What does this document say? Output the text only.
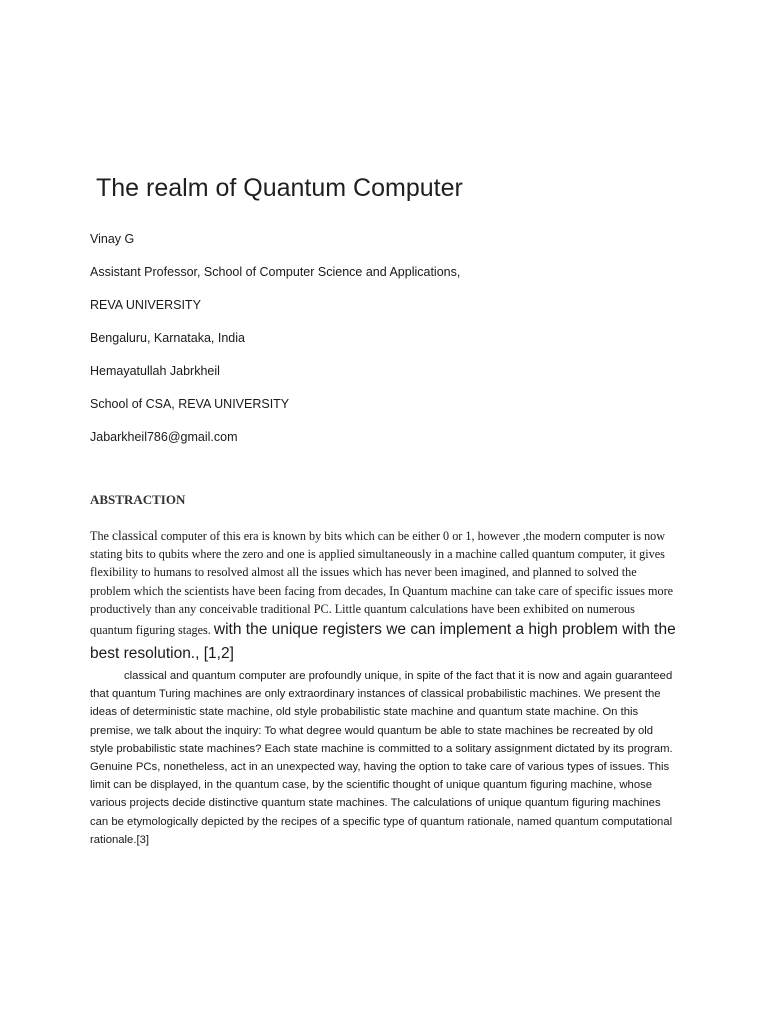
The realm of Quantum Computer

Vinay G

Assistant Professor, School of Computer Science and Applications,

REVA UNIVERSITY

Bengaluru, Karnataka, India

Hemayatullah Jabrkheil

School of CSA, REVA UNIVERSITY

Jabarkheil786@gmail.com

ABSTRACTION

The classical computer of this era is known by bits which can be either 0 or 1, however ,the modern computer is now stating bits to qubits where the zero and one is applied simultaneously in a machine called quantum computer, it gives flexibility to humans to resolved almost all the issues which has never been imagined, and planned to solved the problem which the scientists have been facing from decades, In Quantum machine can take care of specific issues more productively than any conceivable traditional PC. Little quantum calculations have been exhibited on numerous quantum figuring stages. with the unique registers we can implement a high problem with the best resolution., [1,2]

classical and quantum computer are profoundly unique, in spite of the fact that it is now and again guaranteed that quantum Turing machines are only extraordinary instances of classical probabilistic machines. We present the ideas of deterministic state machine, old style probabilistic state machine and quantum state machine. On this premise, we talk about the inquiry: To what degree would quantum be able to state machines be recreated by old style probabilistic state machines? Each state machine is committed to a solitary assignment dictated by its program. Genuine PCs, nonetheless, act in an unexpected way, having the option to take care of various types of issues. This limit can be displayed, in the quantum case, by the scientific thought of unique quantum figuring machine, whose various projects decide distinctive quantum state machines. The calculations of unique quantum figuring machines can be etymologically depicted by the recipes of a specific type of quantum rationale, named quantum computational rationale.[3]
